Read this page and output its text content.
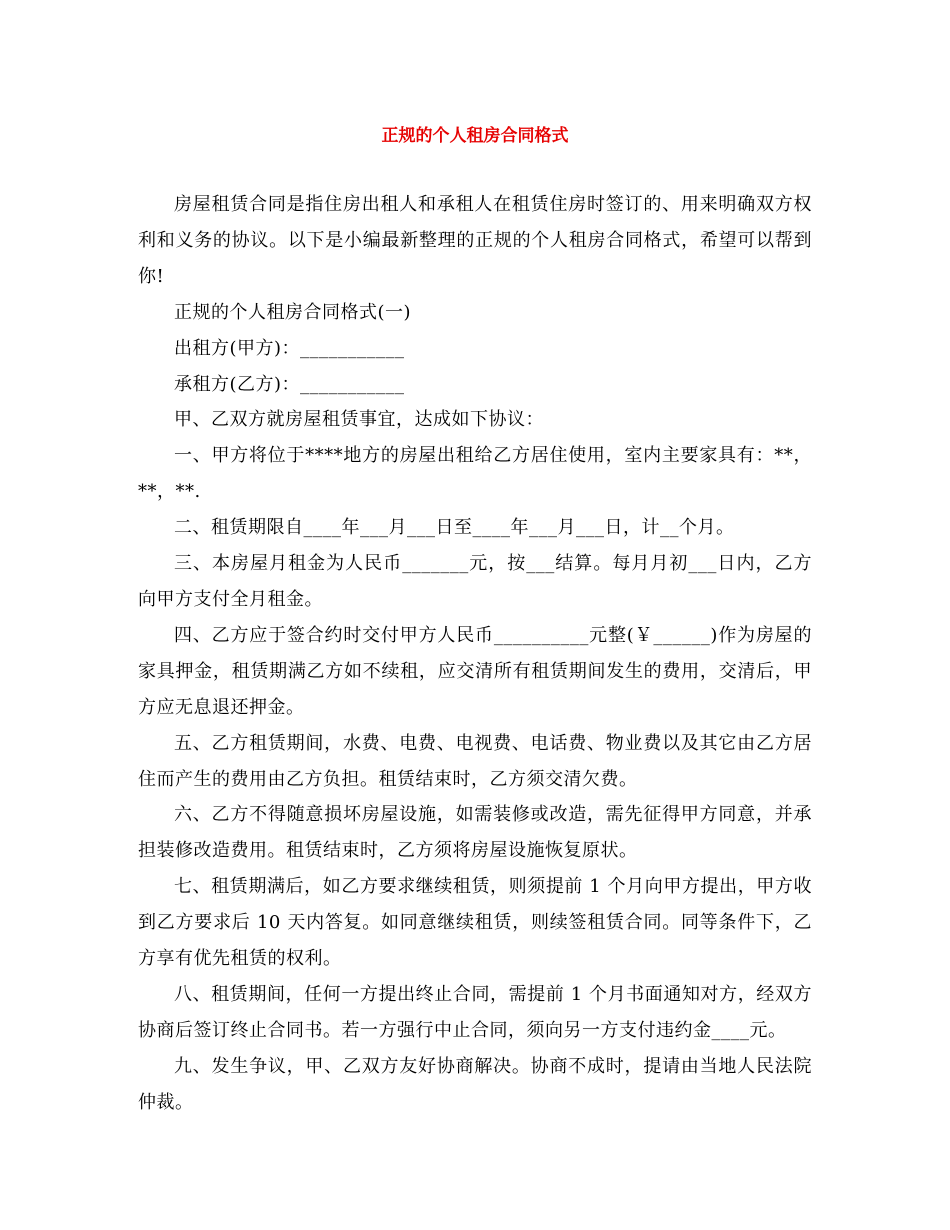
正规的个人租房合同格式

房屋租赁合同是指住房出租人和承租人在租赁住房时签订的、用来明确双方权利和义务的协议。以下是小编最新整理的正规的个人租房合同格式，希望可以帮到你!

正规的个人租房合同格式(一)

出租方(甲方)：___________

承租方(乙方)：___________

甲、乙双方就房屋租赁事宜，达成如下协议：

一、甲方将位于****地方的房屋出租给乙方居住使用，室内主要家具有：**，**，**.

二、租赁期限自____年___月___日至____年___月___日，计__个月。

三、本房屋月租金为人民币_______元，按___结算。每月月初___日内，乙方向甲方支付全月租金。

四、乙方应于签合约时交付甲方人民币__________元整(￥______)作为房屋的家具押金，租赁期满乙方如不续租，应交清所有租赁期间发生的费用，交清后，甲方应无息退还押金。

五、乙方租赁期间，水费、电费、电视费、电话费、物业费以及其它由乙方居住而产生的费用由乙方负担。租赁结束时，乙方须交清欠费。

六、乙方不得随意损坏房屋设施，如需装修或改造，需先征得甲方同意，并承担装修改造费用。租赁结束时，乙方须将房屋设施恢复原状。

七、租赁期满后，如乙方要求继续租赁，则须提前 1 个月向甲方提出，甲方收到乙方要求后 10 天内答复。如同意继续租赁，则续签租赁合同。同等条件下，乙方享有优先租赁的权利。

八、租赁期间，任何一方提出终止合同，需提前 1 个月书面通知对方，经双方协商后签订终止合同书。若一方强行中止合同，须向另一方支付违约金____元。

九、发生争议，甲、乙双方友好协商解决。协商不成时，提请由当地人民法院仲裁。
